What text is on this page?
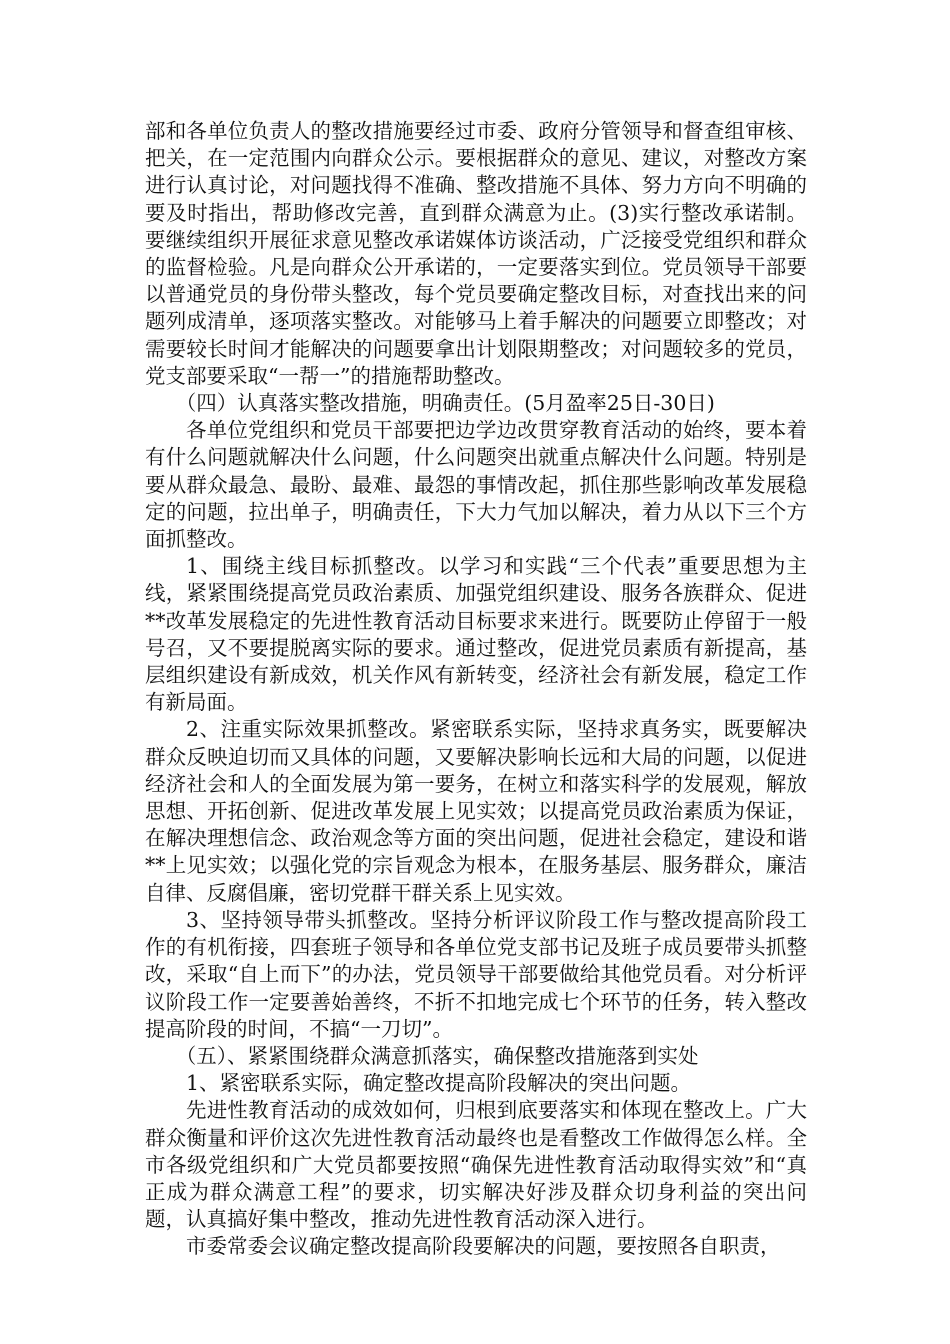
部和各单位负责人的整改措施要经过市委、政府分管领导和督查组审核、把关，在一定范围内向群众公示。要根据群众的意见、建议，对整改方案进行认真讨论，对问题找得不准确、整改措施不具体、努力方向不明确的要及时指出，帮助修改完善，直到群众满意为止。(3)实行整改承诺制。要继续组织开展征求意见整改承诺媒体访谈活动，广泛接受党组织和群众的监督检验。凡是向群众公开承诺的，一定要落实到位。党员领导干部要以普通党员的身份带头整改，每个党员要确定整改目标，对查找出来的问题列成清单，逐项落实整改。对能够马上着手解决的问题要立即整改；对需要较长时间才能解决的问题要拿出计划限期整改；对问题较多的党员，党支部要采取“一帮一”的措施帮助整改。

（四）认真落实整改措施，明确责任。(5月盈率25日-30日)

各单位党组织和党员干部要把边学边改贯穿教育活动的始终，要本着有什么问题就解决什么问题，什么问题突出就重点解决什么问题。特别是要从群众最急、最盼、最难、最怨的事情改起，抓住那些影响改革发展稳定的问题，拉出单子，明确责任，下大力气加以解决，着力从以下三个方面抓整改。

1、围绕主线目标抓整改。以学习和实践“三个代表”重要思想为主线，紧紧围绕提高党员政治素质、加强党组织建设、服务各族群众、促进**改革发展稳定的先进性教育活动目标要求来进行。既要防止停留于一般号召，又不要提脱离实际的要求。通过整改，促进党员素质有新提高，基层组织建设有新成效，机关作风有新转变，经济社会有新发展，稳定工作有新局面。

2、注重实际效果抓整改。紧密联系实际，坚持求真务实，既要解决群众反映迫切而又具体的问题，又要解决影响长远和大局的问题，以促进经济社会和人的全面发展为第一要务，在树立和落实科学的发展观，解放思想、开拓创新、促进改革发展上见实效；以提高党员政治素质为保证，在解决理想信念、政治观念等方面的突出问题，促进社会稳定，建设和谐**上见实效；以强化党的宗旨观念为根本，在服务基层、服务群众，廉洁自律、反腐倡廉，密切党群干群关系上见实效。

3、坚持领导带头抓整改。坚持分析评议阶段工作与整改提高阶段工作的有机衔接，四套班子领导和各单位党支部书记及班子成员要带头抓整改，采取“自上而下”的办法，党员领导干部要做给其他党员看。对分析评议阶段工作一定要善始善终，不折不扣地完成七个环节的任务，转入整改提高阶段的时间，不搞“一刀切”。

（五）、紧紧围绕群众满意抓落实，确保整改措施落到实处

1、紧密联系实际，确定整改提高阶段解决的突出问题。

先进性教育活动的成效如何，归根到底要落实和体现在整改上。广大群众衡量和评价这次先进性教育活动最终也是看整改工作做得怎么样。全市各级党组织和广大党员都要按照“确保先进性教育活动取得实效”和“真正成为群众满意工程”的要求，切实解决好涉及群众切身利益的突出问题，认真搞好集中整改，推动先进性教育活动深入进行。

市委常委会议确定整改提高阶段要解决的问题，要按照各自职责，
